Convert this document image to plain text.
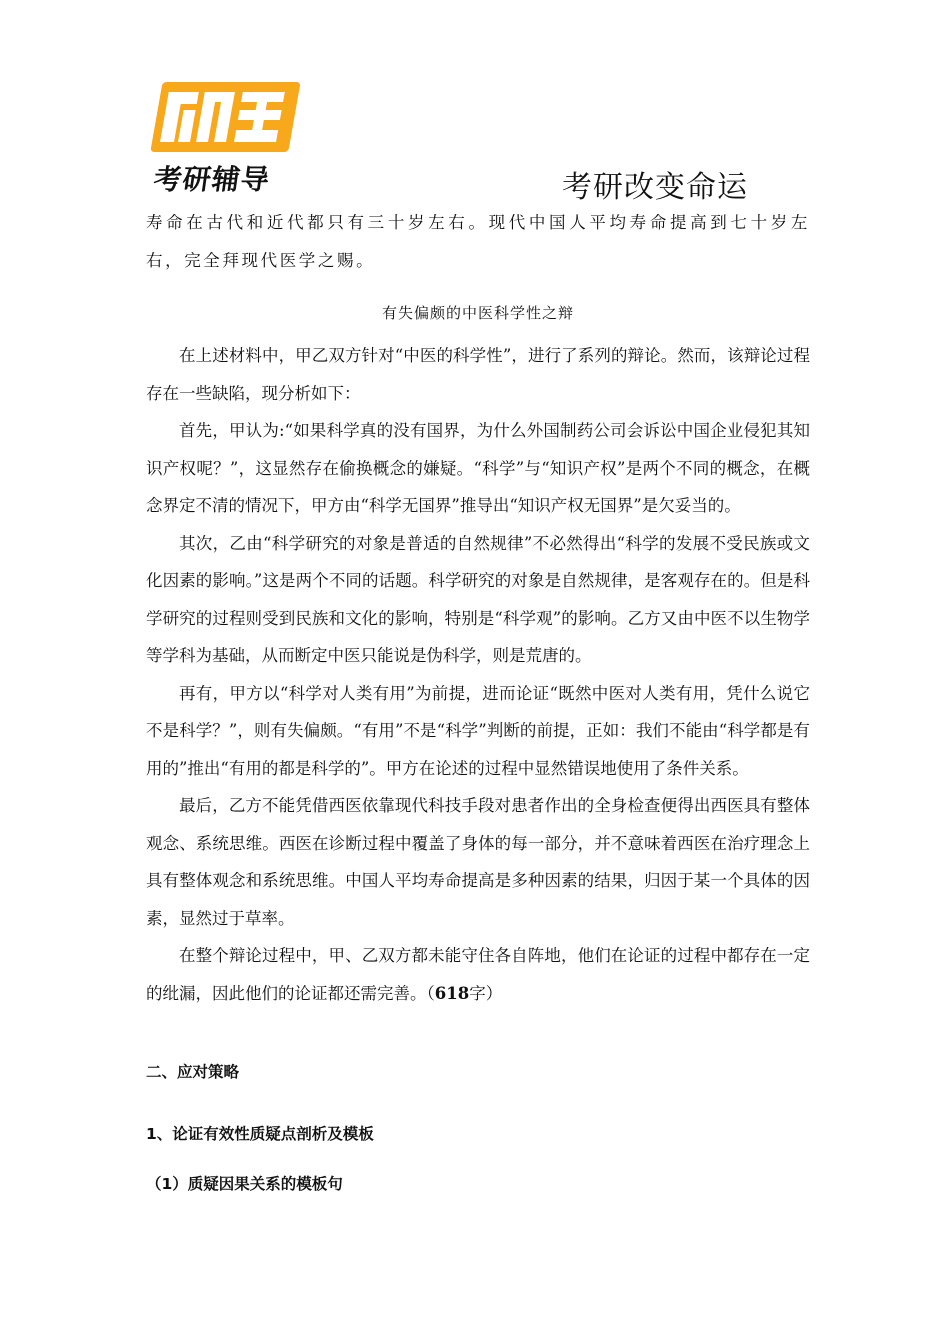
考研辅导	考研改变命运

寿命在古代和近代都只有三十岁左右。现代中国人平均寿命提高到七十岁左右，完全拜现代医学之赐。

有失偏颇的中医科学性之辩

在上述材料中，甲乙双方针对“中医的科学性”，进行了系列的辩论。然而，该辩论过程存在一些缺陷，现分析如下：

首先，甲认为:“如果科学真的没有国界，为什么外国制药公司会诉讼中国企业侵犯其知识产权呢？”，这显然存在偷换概念的嫌疑。“科学”与“知识产权”是两个不同的概念，在概念界定不清的情况下，甲方由“科学无国界”推导出“知识产权无国界”是欠妥当的。

其次，乙由“科学研究的对象是普适的自然规律”不必然得出“科学的发展不受民族或文化因素的影响。”这是两个不同的话题。科学研究的对象是自然规律，是客观存在的。但是科学研究的过程则受到民族和文化的影响，特别是“科学观”的影响。乙方又由中医不以生物学等学科为基础，从而断定中医只能说是伪科学，则是荒唐的。

再有，甲方以“科学对人类有用”为前提，进而论证“既然中医对人类有用，凭什么说它不是科学？”，则有失偏颇。“有用”不是“科学”判断的前提，正如：我们不能由“科学都是有用的”推出“有用的都是科学的”。甲方在论述的过程中显然错误地使用了条件关系。

最后，乙方不能凭借西医依靠现代科技手段对患者作出的全身检查便得出西医具有整体观念、系统思维。西医在诊断过程中覆盖了身体的每一部分，并不意味着西医在治疗理念上具有整体观念和系统思维。中国人平均寿命提高是多种因素的结果，归因于某一个具体的因素，显然过于草率。

在整个辩论过程中，甲、乙双方都未能守住各自阵地，他们在论证的过程中都存在一定的纰漏，因此他们的论证都还需完善。（618字）

二、应对策略
1、论证有效性质疑点剖析及模板
（1）质疑因果关系的模板句
